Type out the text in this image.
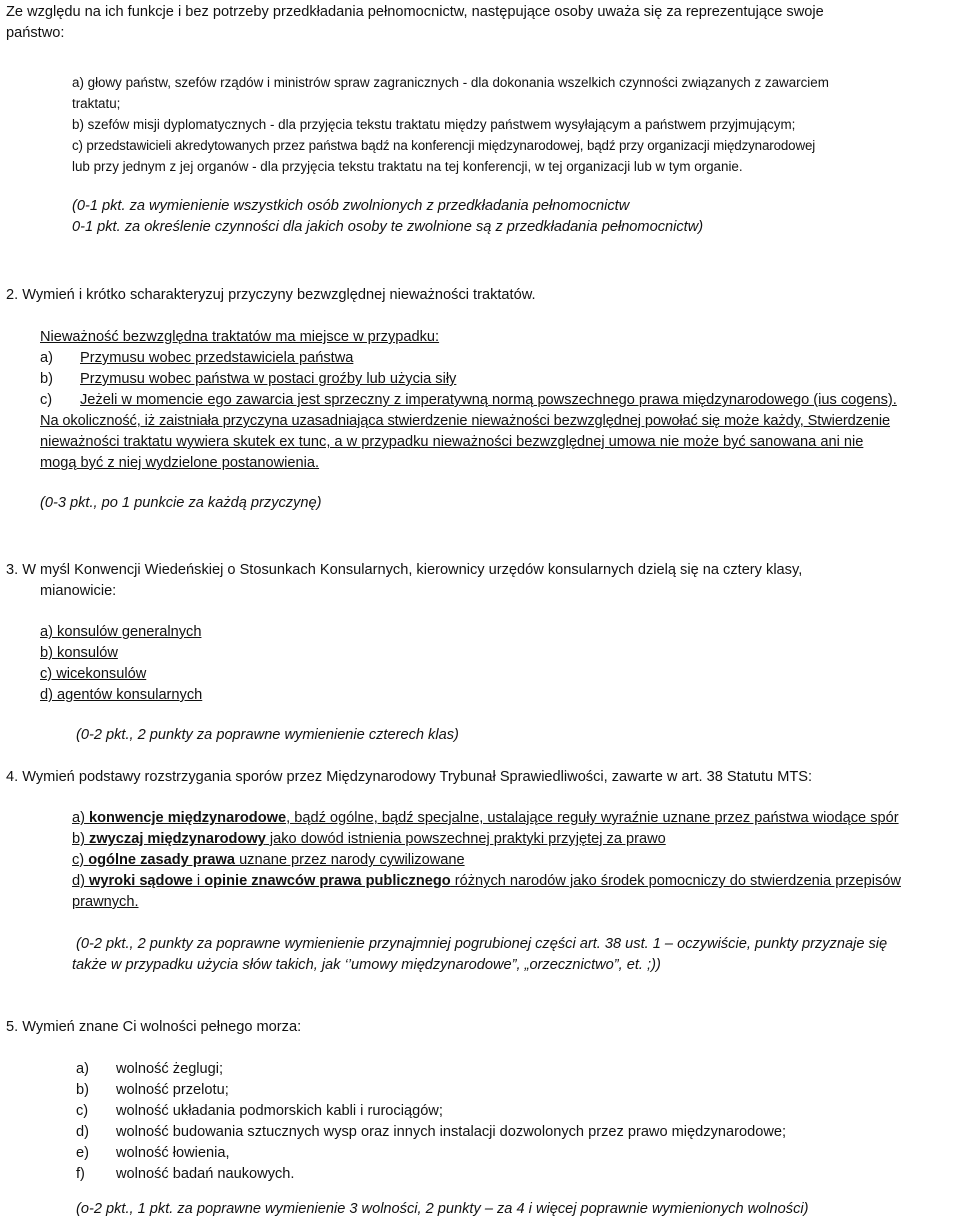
Ze względu na ich funkcje i bez potrzeby przedkładania pełnomocnictw, następujące osoby uważa się za reprezentujące swoje
państwo:
a) głowy państw, szefów rządów i ministrów spraw zagranicznych - dla dokonania wszelkich czynności związanych z zawarciem
traktatu;
b) szefów misji dyplomatycznych - dla przyjęcia tekstu traktatu między państwem wysyłającym a państwem przyjmującym;
c) przedstawicieli akredytowanych przez państwa bądź na konferencji międzynarodowej, bądź przy organizacji międzynarodowej
lub przy jednym z jej organów - dla przyjęcia tekstu traktatu na tej konferencji, w tej organizacji lub w tym organie.
(0-1 pkt. za wymienienie wszystkich osób zwolnionych z przedkładania pełnomocnictw
0-1 pkt. za określenie czynności dla jakich osoby te zwolnione są z przedkładania pełnomocnictw)
2. Wymień i krótko scharakteryzuj przyczyny bezwzględnej nieważności traktatów.
Nieważność bezwzględna traktatów ma miejsce w przypadku:
a) Przymusu wobec przedstawiciela państwa
b) Przymusu wobec państwa w postaci groźby lub użycia siły
c) Jeżeli w momencie ego zawarcia jest sprzeczny z imperatywną normą powszechnego prawa międzynarodowego (ius cogens).
Na okoliczność, iż zaistniała przyczyna uzasadniająca stwierdzenie nieważności bezwzględnej powołać się może każdy, Stwierdzenie
nieważności traktatu wywiera skutek ex tunc, a w przypadku nieważności bezwzględnej umowa nie może być sanowana ani nie
mogą być z niej wydzielone postanowienia.
(0-3 pkt., po 1 punkcie za każdą przyczynę)
3. W myśl Konwencji Wiedeńskiej o Stosunkach Konsularnych, kierownicy urzędów konsularnych dzielą się na cztery klasy,
mianowicie:
a) konsulów generalnych
b) konsulów
c) wicekonsulów
d) agentów konsularnych
(0-2 pkt., 2 punkty za poprawne wymienienie czterech klas)
4. Wymień podstawy rozstrzygania sporów przez Międzynarodowy Trybunał Sprawiedliwości, zawarte w art. 38 Statutu MTS:
a) konwencje międzynarodowe, bądź ogólne, bądź specjalne, ustalające reguły wyraźnie uznane przez państwa wiodące spór
b) zwyczaj międzynarodowy jako dowód istnienia powszechnej praktyki przyjętej za prawo
c) ogólne zasady prawa uznane przez narody cywilizowane
d) wyroki sądowe i opinie znawców prawa publicznego różnych narodów jako środek pomocniczy do stwierdzenia przepisów
prawnych.
(0-2 pkt., 2 punkty za poprawne wymienienie przynajmniej pogrubionej części art. 38 ust. 1 – oczywiście, punkty przyznaje się
także w przypadku użycia słów takich, jak ‘’umowy międzynarodowe”, „orzecznictwo”, et. ;))
5. Wymień znane Ci wolności pełnego morza:
a) wolność żeglugi;
b) wolność przelotu;
c) wolność układania podmorskich kabli i rurociągów;
d) wolność budowania sztucznych wysp oraz innych instalacji dozwolonych przez prawo międzynarodowe;
e) wolność łowienia,
f) wolność badań naukowych.
(o-2 pkt., 1 pkt. za poprawne wymienienie 3 wolności, 2 punkty – za 4 i więcej poprawnie wymienionych wolności)
